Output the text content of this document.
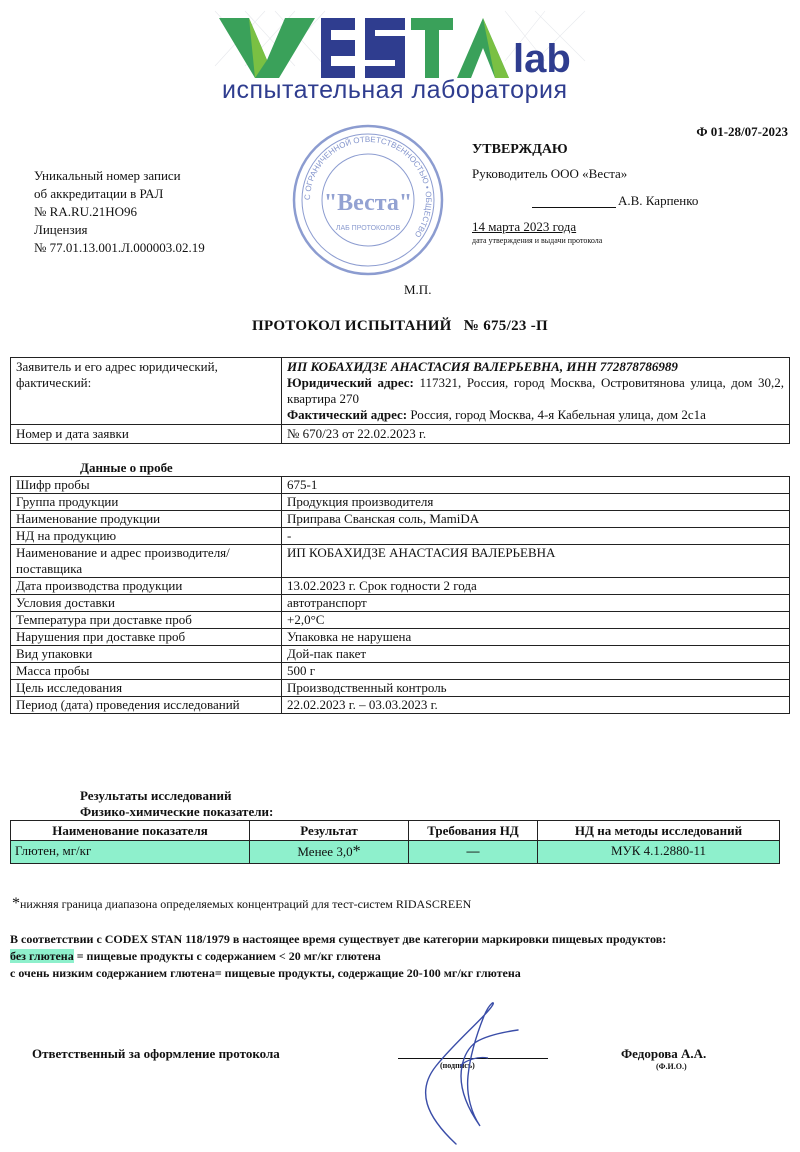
lab
испытательная лаборатория
Ф 01-28/07-2023
Уникальный номер записи
об аккредитации в РАЛ
№ RA.RU.21НО96
Лицензия
№ 77.01.13.001.Л.000003.02.19
С ОГРАНИЧЕННОЙ ОТВЕТСТВЕННОСТЬЮ • ОБЩЕСТВО
"Веста"
ЛАБ ПРОТОКОЛОВ
М.П.
УТВЕРЖДАЮ
Руководитель ООО «Веста»
А.В. Карпенко
14 марта 2023 года
дата утверждения и выдачи протокола
ПРОТОКОЛ ИСПЫТАНИЙ   № 675/23 -П
Заявитель и его адрес юридический, фактический:	ИП КОБАХИДЗЕ АНАСТАСИЯ ВАЛЕРЬЕВНА, ИНН 772878786989
Юридический адрес: 117321, Россия, город Москва, Островитянова улица, дом 30,2, квартира 270
Фактический адрес: Россия, город Москва, 4-я Кабельная улица, дом 2с1а

Номер и дата заявки	№ 670/23 от 22.02.2023 г.
Данные о пробе
Шифр пробы	675-1
Группа продукции	Продукция производителя
Наименование продукции	Приправа Сванская соль, MamiDA
НД на продукцию	-
Наименование и адрес производителя/ поставщика	ИП КОБАХИДЗЕ АНАСТАСИЯ ВАЛЕРЬЕВНА
Дата производства продукции	13.02.2023 г. Срок годности 2 года
Условия доставки	автотранспорт
Температура при доставке проб	+2,0°С
Нарушения при доставке проб	Упаковка не нарушена
Вид упаковки	Дой-пак пакет
Масса пробы	500 г
Цель исследования	Производственный контроль
Период (дата) проведения исследований	22.02.2023 г. – 03.03.2023 г.
Результаты исследований
Физико-химические показатели:
Наименование показателя	Результат	Требования НД	НД на методы исследований
Глютен, мг/кг	Менее 3,0*	—	МУК 4.1.2880-11
*нижняя граница диапазона определяемых концентраций для тест-систем RIDASCREEN
В соответствии с CODEX STAN 118/1979 в настоящее время существует две категории маркировки пищевых продуктов:
без глютена = пищевые продукты с содержанием < 20 мг/кг глютена
с очень низким содержанием глютена= пищевые продукты, содержащие 20-100 мг/кг глютена
Ответственный за оформление протокола
(подпись)
Федорова А.А.
(Ф.И.О.)
